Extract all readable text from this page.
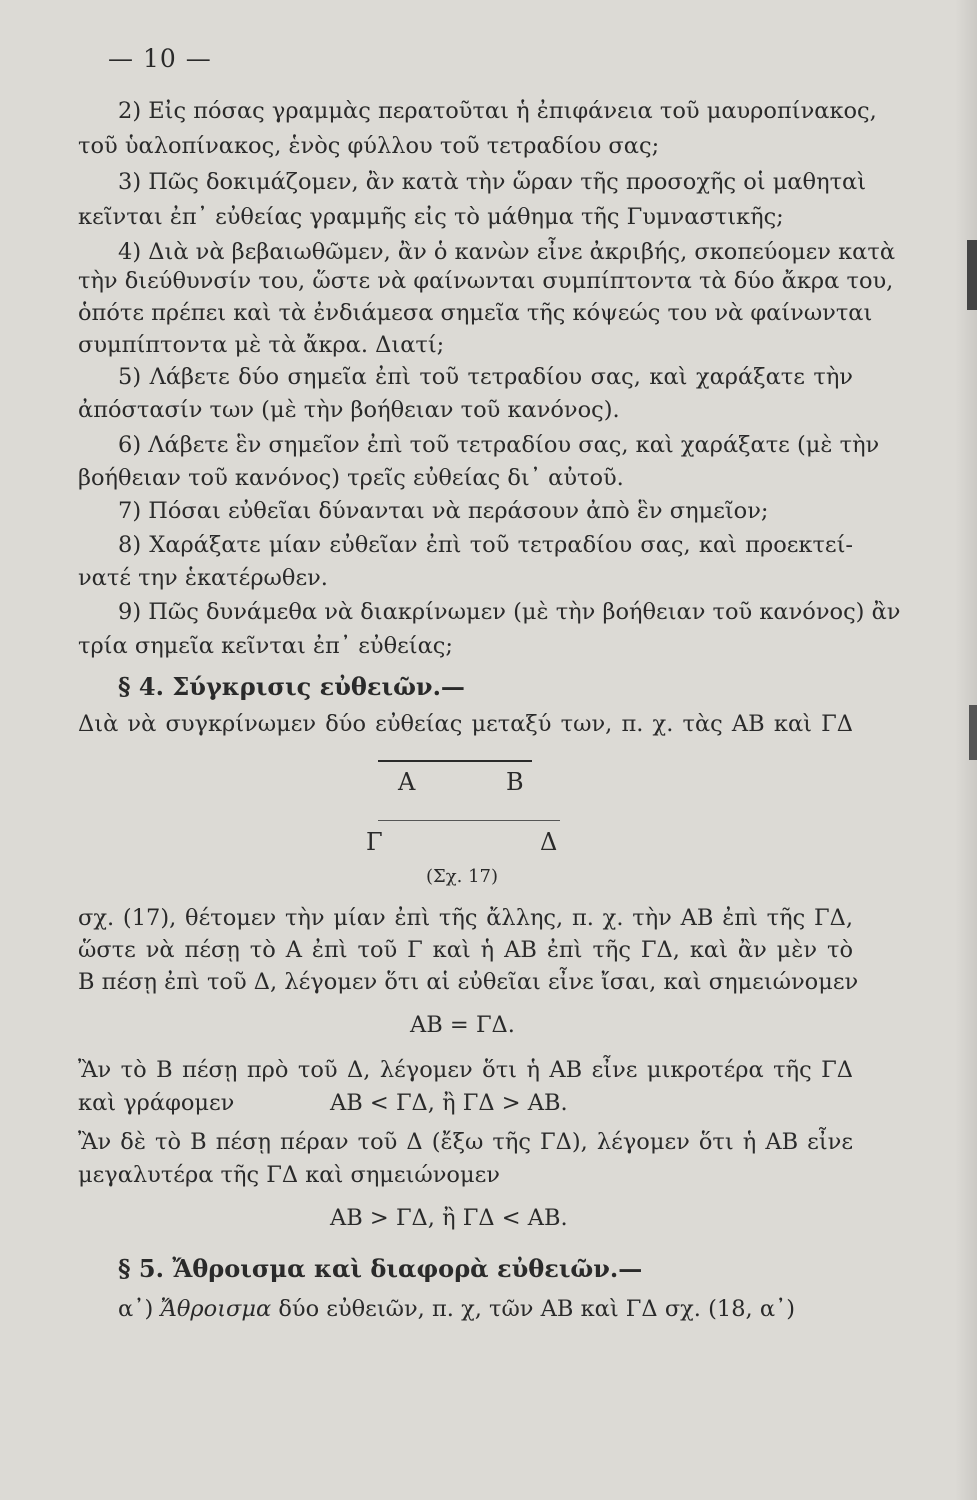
— 10 —
2) Εἰς πόσας γραμμὰς περατοῦται ἡ ἐπιφάνεια τοῦ μαυροπίνακος,
τοῦ ὑαλοπίνακος, ἑνὸς φύλλου τοῦ τετραδίου σας;
3) Πῶς δοκιμάζομεν, ἂν κατὰ τὴν ὥραν τῆς προσοχῆς οἱ μαθηταὶ
κεῖνται ἐπ᾽ εὐθείας γραμμῆς εἰς τὸ μάθημα τῆς Γυμναστικῆς;
4) Διὰ νὰ βεβαιωθῶμεν, ἂν ὁ κανὼν εἶνε ἀκριβής, σκοπεύομεν κατὰ
τὴν διεύθυνσίν του, ὥστε νὰ φαίνωνται συμπίπτοντα τὰ δύο ἄκρα του,
ὁπότε πρέπει καὶ τὰ ἐνδιάμεσα σημεῖα τῆς κόψεώς του νὰ φαίνωνται
συμπίπτοντα μὲ τὰ ἄκρα. Διατί;
5) Λάβετε δύο σημεῖα ἐπὶ τοῦ τετραδίου σας, καὶ χαράξατε τὴν
ἀπόστασίν των (μὲ τὴν βοήθειαν τοῦ κανόνος).
6) Λάβετε ἓν σημεῖον ἐπὶ τοῦ τετραδίου σας, καὶ χαράξατε (μὲ τὴν
βοήθειαν τοῦ κανόνος) τρεῖς εὐθείας δι᾽ αὐτοῦ.
7) Πόσαι εὐθεῖαι δύνανται νὰ περάσουν ἀπὸ ἓν σημεῖον;
8) Χαράξατε μίαν εὐθεῖαν ἐπὶ τοῦ τετραδίου σας, καὶ προεκτεί-
νατέ την ἑκατέρωθεν.
9) Πῶς δυνάμεθα νὰ διακρίνωμεν (μὲ τὴν βοήθειαν τοῦ κανόνος) ἂν
τρία σημεῖα κεῖνται ἐπ᾽ εὐθείας;
§ 4. Σύγκρισις εὐθειῶν.—
Διὰ νὰ συγκρίνωμεν δύο εὐθείας μεταξύ των, π. χ. τὰς ΑΒ καὶ ΓΔ
Α	Β
Γ	Δ
(Σχ. 17)
σχ. (17), θέτομεν τὴν μίαν ἐπὶ τῆς ἄλλης, π. χ. τὴν ΑΒ ἐπὶ τῆς ΓΔ,
ὥστε νὰ πέσῃ τὸ Α ἐπὶ τοῦ Γ καὶ ἡ ΑΒ ἐπὶ τῆς ΓΔ, καὶ ἂν μὲν τὸ
Β πέσῃ ἐπὶ τοῦ Δ, λέγομεν ὅτι αἱ εὐθεῖαι εἶνε ἴσαι, καὶ σημειώνομεν
ΑΒ = ΓΔ.
Ἂν τὸ Β πέσῃ πρὸ τοῦ Δ, λέγομεν ὅτι ἡ ΑΒ εἶνε μικροτέρα τῆς ΓΔ
καὶ γράφομεν	ΑΒ < ΓΔ, ἢ ΓΔ > ΑΒ.
Ἂν δὲ τὸ Β πέσῃ πέραν τοῦ Δ (ἔξω τῆς ΓΔ), λέγομεν ὅτι ἡ ΑΒ εἶνε
μεγαλυτέρα τῆς ΓΔ καὶ σημειώνομεν
ΑΒ > ΓΔ, ἢ ΓΔ < ΑΒ.
§ 5. Ἄθροισμα καὶ διαφορὰ εὐθειῶν.—
α᾽) Ἄθροισμα δύο εὐθειῶν, π. χ, τῶν ΑΒ καὶ ΓΔ σχ. (18, α᾽)
